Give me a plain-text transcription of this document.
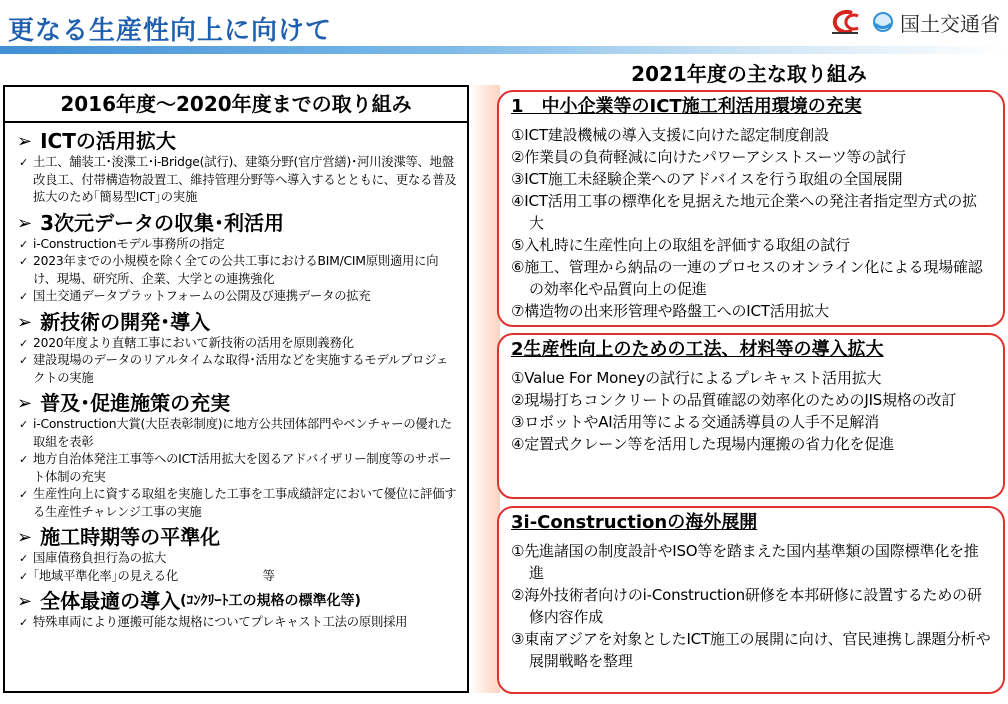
更なる生産性向上に向けて	国土交通省
2016年度～2020年度までの取り組み
➢ ICTの活用拡大
✓ 土工、舗装工･浚渫工･i-Bridge(試行)、建築分野(官庁営繕)･河川浚渫等、地盤改良工、付帯構造物設置工、維持管理分野等へ導入するとともに、更なる普及拡大のため｢簡易型ICT｣の実施
➢ 3次元データの収集･利活用
✓ i-Constructionモデル事務所の指定
✓ 2023年までの小規模を除く全ての公共工事におけるBIM/CIM原則適用に向け、現場、研究所、企業、大学との連携強化
✓ 国土交通データプラットフォームの公開及び連携データの拡充
➢ 新技術の開発･導入
✓ 2020年度より直轄工事において新技術の活用を原則義務化
✓ 建設現場のデータのリアルタイムな取得･活用などを実施するモデルプロジェクトの実施
➢ 普及･促進施策の充実
✓ i-Construction大賞(大臣表彰制度)に地方公共団体部門やベンチャーの優れた取組を表彰
✓ 地方自治体発注工事等へのICT活用拡大を図るアドバイザリー制度等のサポート体制の充実
✓ 生産性向上に資する取組を実施した工事を工事成績評定において優位に評価する生産性チャレンジ工事の実施
➢ 施工時期等の平準化
✓ 国庫債務負担行為の拡大
✓ ｢地域平準化率｣の見える化　　　　　　　等
➢ 全体最適の導入 (ｺﾝｸﾘｰﾄ工の規格の標準化等)
✓ 特殊車両により運搬可能な規格についてプレキャスト工法の原則採用
2021年度の主な取り組み
1　中小企業等のICT施工利活用環境の充実
①ICT建設機械の導入支援に向けた認定制度創設
②作業員の負荷軽減に向けたパワーアシストスーツ等の試行
③ICT施工未経験企業へのアドバイスを行う取組の全国展開
④ICT活用工事の標準化を見据えた地元企業への発注者指定型方式の拡大
⑤入札時に生産性向上の取組を評価する取組の試行
⑥施工、管理から納品の一連のプロセスのオンライン化による現場確認の効率化や品質向上の促進
⑦構造物の出来形管理や路盤工へのICT活用拡大
2生産性向上のための工法、材料等の導入拡大
①Value For Moneyの試行によるプレキャスト活用拡大
②現場打ちコンクリートの品質確認の効率化のためのJIS規格の改訂
③ロボットやAI活用等による交通誘導員の人手不足解消
④定置式クレーン等を活用した現場内運搬の省力化を促進
3i-Constructionの海外展開
①先進諸国の制度設計やISO等を踏まえた国内基準類の国際標準化を推進
②海外技術者向けのi-Construction研修を本邦研修に設置するための研修内容作成
③東南アジアを対象としたICT施工の展開に向け、官民連携し課題分析や展開戦略を整理
